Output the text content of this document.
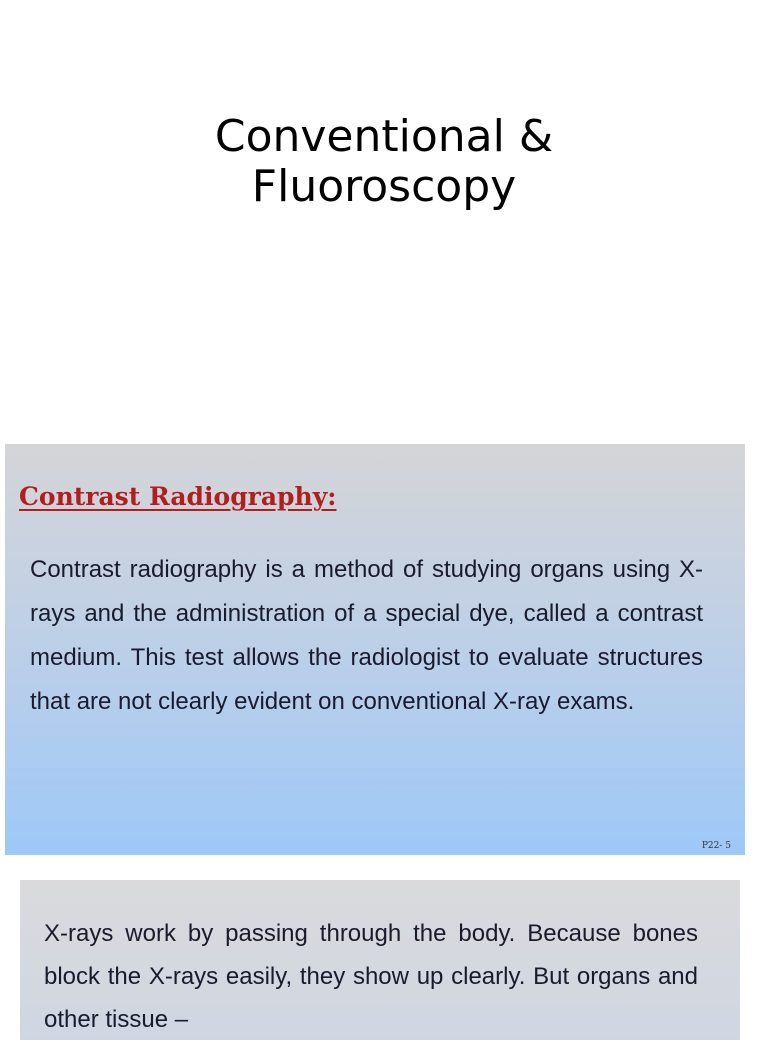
Conventional &
Fluoroscopy
Contrast Radiography:
Contrast radiography is a method of studying organs using X-rays and the administration of a special dye, called a contrast medium. This test allows the radiologist to evaluate structures that are not clearly evident on conventional X-ray exams.
P22- 5
X-rays work by passing through the body. Because bones block the X-rays easily, they show up clearly. But organs and other tissue –
